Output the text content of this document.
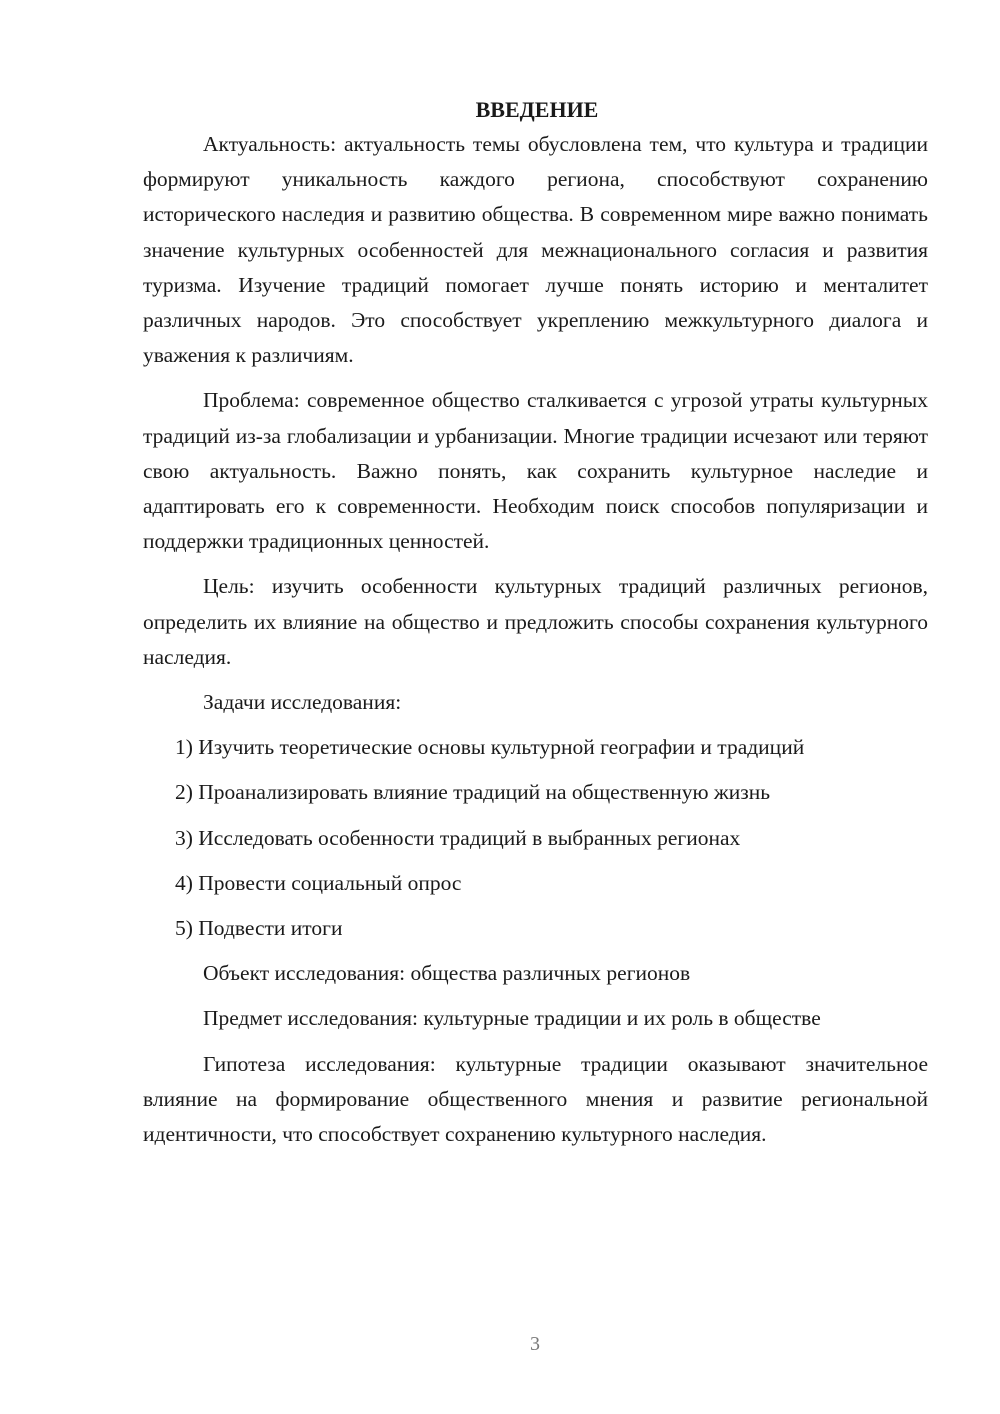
ВВЕДЕНИЕ

Актуальность: актуальность темы обусловлена тем, что культура и традиции формируют уникальность каждого региона, способствуют сохранению исторического наследия и развитию общества. В современном мире важно понимать значение культурных особенностей для межнационального согласия и развития туризма. Изучение традиций помогает лучше понять историю и менталитет различных народов. Это способствует укреплению межкультурного диалога и уважения к различиям.

Проблема: современное общество сталкивается с угрозой утраты культурных традиций из-за глобализации и урбанизации. Многие традиции исчезают или теряют свою актуальность. Важно понять, как сохранить культурное наследие и адаптировать его к современности. Необходим поиск способов популяризации и поддержки традиционных ценностей.

Цель: изучить особенности культурных традиций различных регионов, определить их влияние на общество и предложить способы сохранения культурного наследия.

Задачи исследования:

1) Изучить теоретические основы культурной географии и традиций
2) Проанализировать влияние традиций на общественную жизнь
3) Исследовать особенности традиций в выбранных регионах
4) Провести социальный опрос
5) Подвести итоги

Объект исследования: общества различных регионов

Предмет исследования: культурные традиции и их роль в обществе

Гипотеза исследования: культурные традиции оказывают значительное влияние на формирование общественного мнения и развитие региональной идентичности, что способствует сохранению культурного наследия.

3
